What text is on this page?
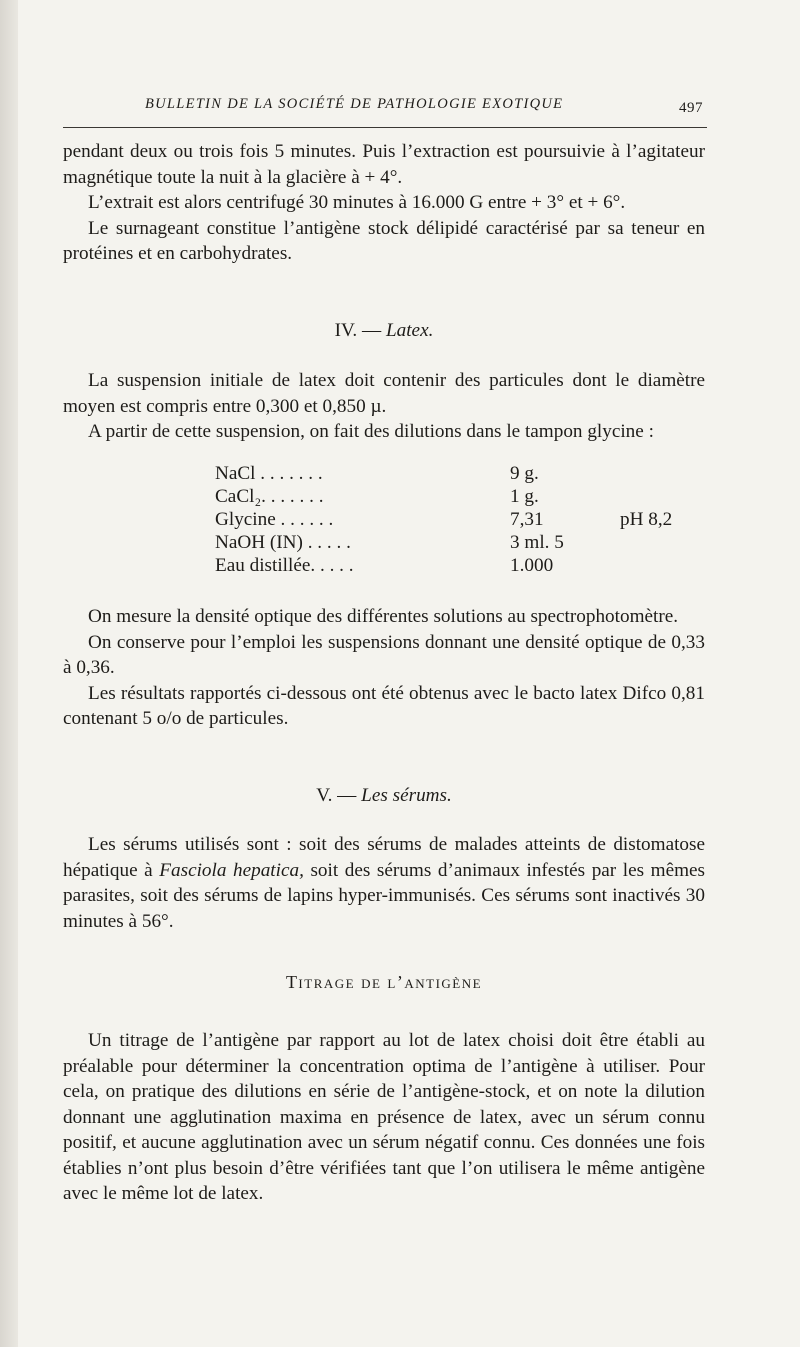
BULLETIN DE LA SOCIÉTÉ DE PATHOLOGIE EXOTIQUE	497

pendant deux ou trois fois 5 minutes. Puis l’extraction est poursuivie à l’agitateur magnétique toute la nuit à la glacière à + 4°.

L’extrait est alors centrifugé 30 minutes à 16.000 G entre + 3° et + 6°.

Le surnageant constitue l’antigène stock délipidé caractérisé par sa teneur en protéines et en carbohydrates.

IV. — Latex.

La suspension initiale de latex doit contenir des particules dont le diamètre moyen est compris entre 0,300 et 0,850 µ.

A partir de cette suspension, on fait des dilutions dans le tampon glycine :

NaCl . . . . . . .	9 g.
CaCl₂. . . . . . .	1 g.
Glycine . . . . . .	7,31	pH 8,2
NaOH (IN) . . . . .	3 ml. 5
Eau distillée. . . . .	1.000

On mesure la densité optique des différentes solutions au spectrophotomètre.

On conserve pour l’emploi les suspensions donnant une densité optique de 0,33 à 0,36.

Les résultats rapportés ci-dessous ont été obtenus avec le bacto latex Difco 0,81 contenant 5 o/o de particules.

V. — Les sérums.

Les sérums utilisés sont : soit des sérums de malades atteints de distomatose hépatique à Fasciola hepatica, soit des sérums d’animaux infestés par les mêmes parasites, soit des sérums de lapins hyper-immunisés. Ces sérums sont inactivés 30 minutes à 56°.

Titrage de l’antigène

Un titrage de l’antigène par rapport au lot de latex choisi doit être établi au préalable pour déterminer la concentration optima de l’antigène à utiliser. Pour cela, on pratique des dilutions en série de l’antigène-stock, et on note la dilution donnant une agglutination maxima en présence de latex, avec un sérum connu positif, et aucune agglutination avec un sérum négatif connu. Ces données une fois établies n’ont plus besoin d’être vérifiées tant que l’on utilisera le même antigène avec le même lot de latex.
